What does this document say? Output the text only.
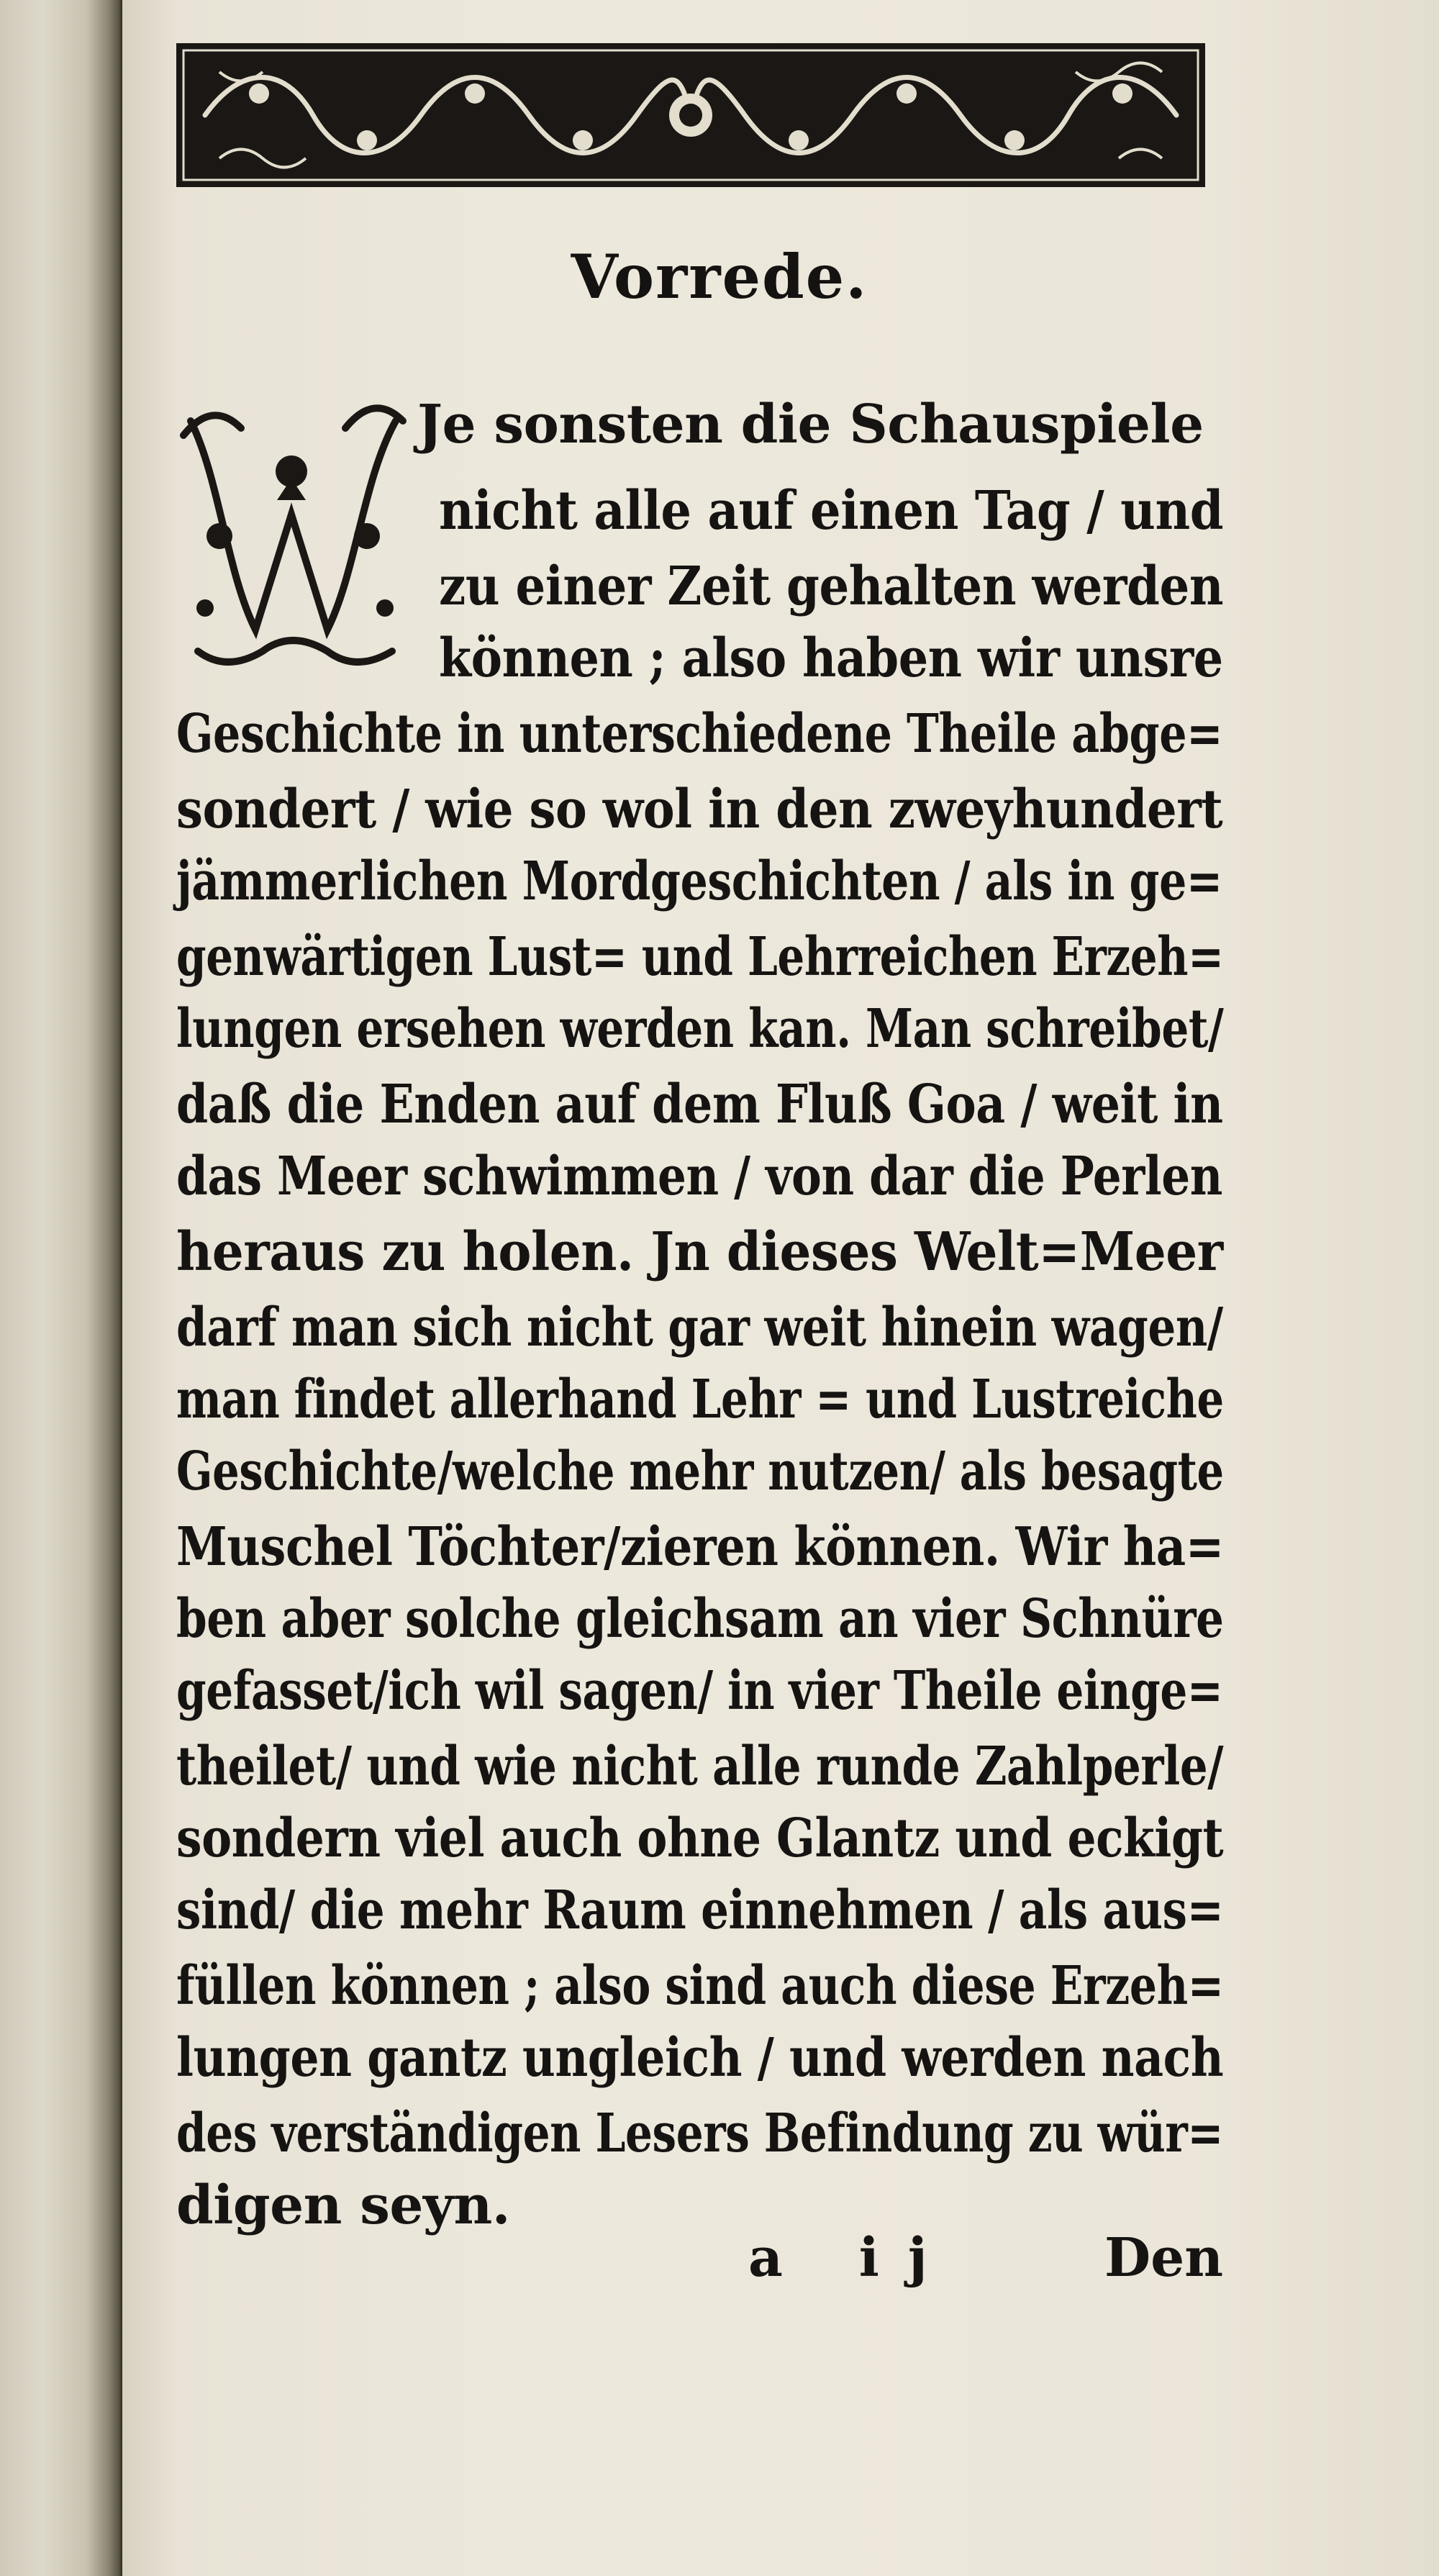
Vorrede.
W
Je sonsten die Schauspiele
nicht alle auf einen Tag / und
zu einer Zeit gehalten werden
können ; also haben wir unsre
Geschichte in unterschiedene Theile abge=
sondert / wie so wol in den zweyhundert
jämmerlichen Mordgeschichten / als in ge=
genwärtigen Lust= und Lehrreichen Erzeh=
lungen ersehen werden kan. Man schreibet/
daß die Enden auf dem Fluß Goa / weit in
das Meer schwimmen / von dar die Perlen
heraus zu holen. Jn dieses Welt=Meer
darf man sich nicht gar weit hinein wagen/
man findet allerhand Lehr = und Lustreiche
Geschichte/welche mehr nutzen/ als besagte
Muschel Töchter/zieren können. Wir ha=
ben aber solche gleichsam an vier Schnüre
gefasset/ich wil sagen/ in vier Theile einge=
theilet/ und wie nicht alle runde Zahlperle/
sondern viel auch ohne Glantz und eckigt
sind/ die mehr Raum einnehmen / als aus=
füllen können ; also sind auch diese Erzeh=
lungen gantz ungleich / und werden nach
des verständigen Lesers Befindung zu wür=
digen seyn.
a ij	Den
